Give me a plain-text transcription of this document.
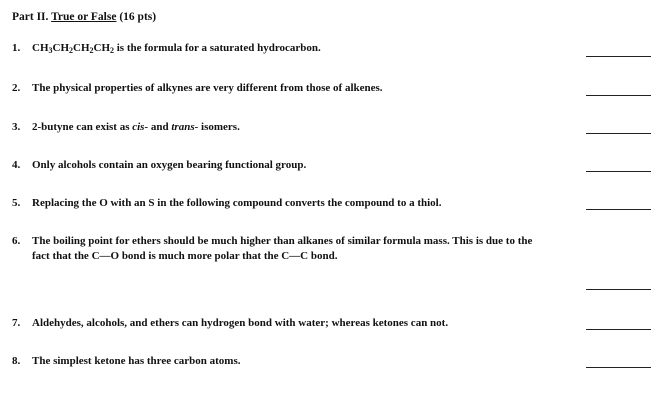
Part II. True or False (16 pts)
1. $CH_3CH_2CH_2CH_2$ is the formula for a saturated hydrocarbon.
2. The physical properties of alkynes are very different from those of alkenes.
3. 2-butyne can exist as cis- and trans- isomers.
4. Only alcohols contain an oxygen bearing functional group.
5. Replacing the O with an S in the following compound converts the compound to a thiol.
6. The boiling point for ethers should be much higher than alkanes of similar formula mass. This is due to the
fact that the C—O bond is much more polar that the C—C bond.
7. Aldehydes, alcohols, and ethers can hydrogen bond with water; whereas ketones can not.
8. The simplest ketone has three carbon atoms.
